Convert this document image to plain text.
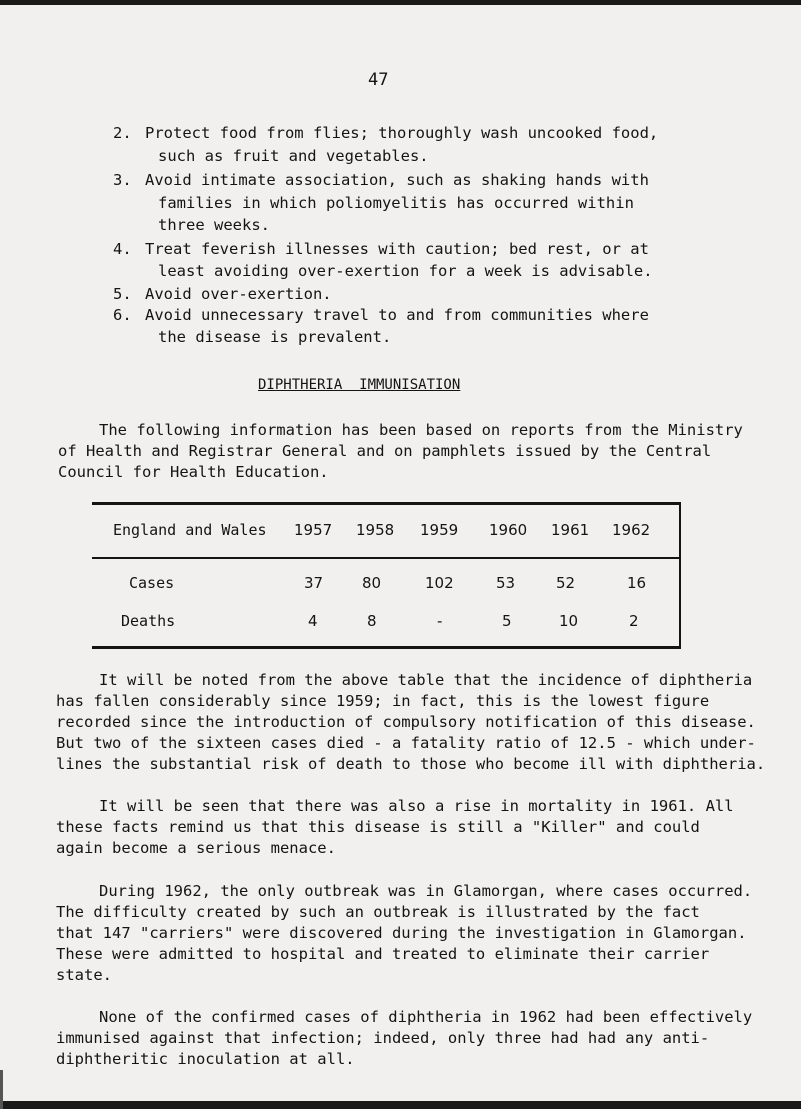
47
2. Protect food from flies; thoroughly wash uncooked food,
such as fruit and vegetables.
3. Avoid intimate association, such as shaking hands with
families in which poliomyelitis has occurred within
three weeks.
4. Treat feverish illnesses with caution; bed rest, or at
least avoiding over-exertion for a week is advisable.
5. Avoid over-exertion.
6. Avoid unnecessary travel to and from communities where
the disease is prevalent.
DIPHTHERIA  IMMUNISATION
The following information has been based on reports from the Ministry
of Health and Registrar General and on pamphlets issued by the Central
Council for Health Education.
England and Wales 1957 1958 1959 1960 1961 1962
Cases	37	80	102	53	52	16
Deaths	4	8	-	5	10	2
It will be noted from the above table that the incidence of diphtheria
has fallen considerably since 1959; in fact, this is the lowest figure
recorded since the introduction of compulsory notification of this disease.
But two of the sixteen cases died - a fatality ratio of 12.5 - which under-
lines the substantial risk of death to those who become ill with diphtheria.
It will be seen that there was also a rise in mortality in 1961. All
these facts remind us that this disease is still a "Killer" and could
again become a serious menace.
During 1962, the only outbreak was in Glamorgan, where cases occurred.
The difficulty created by such an outbreak is illustrated by the fact
that 147 "carriers" were discovered during the investigation in Glamorgan.
These were admitted to hospital and treated to eliminate their carrier
state.
None of the confirmed cases of diphtheria in 1962 had been effectively
immunised against that infection; indeed, only three had had any anti-
diphtheritic inoculation at all.
